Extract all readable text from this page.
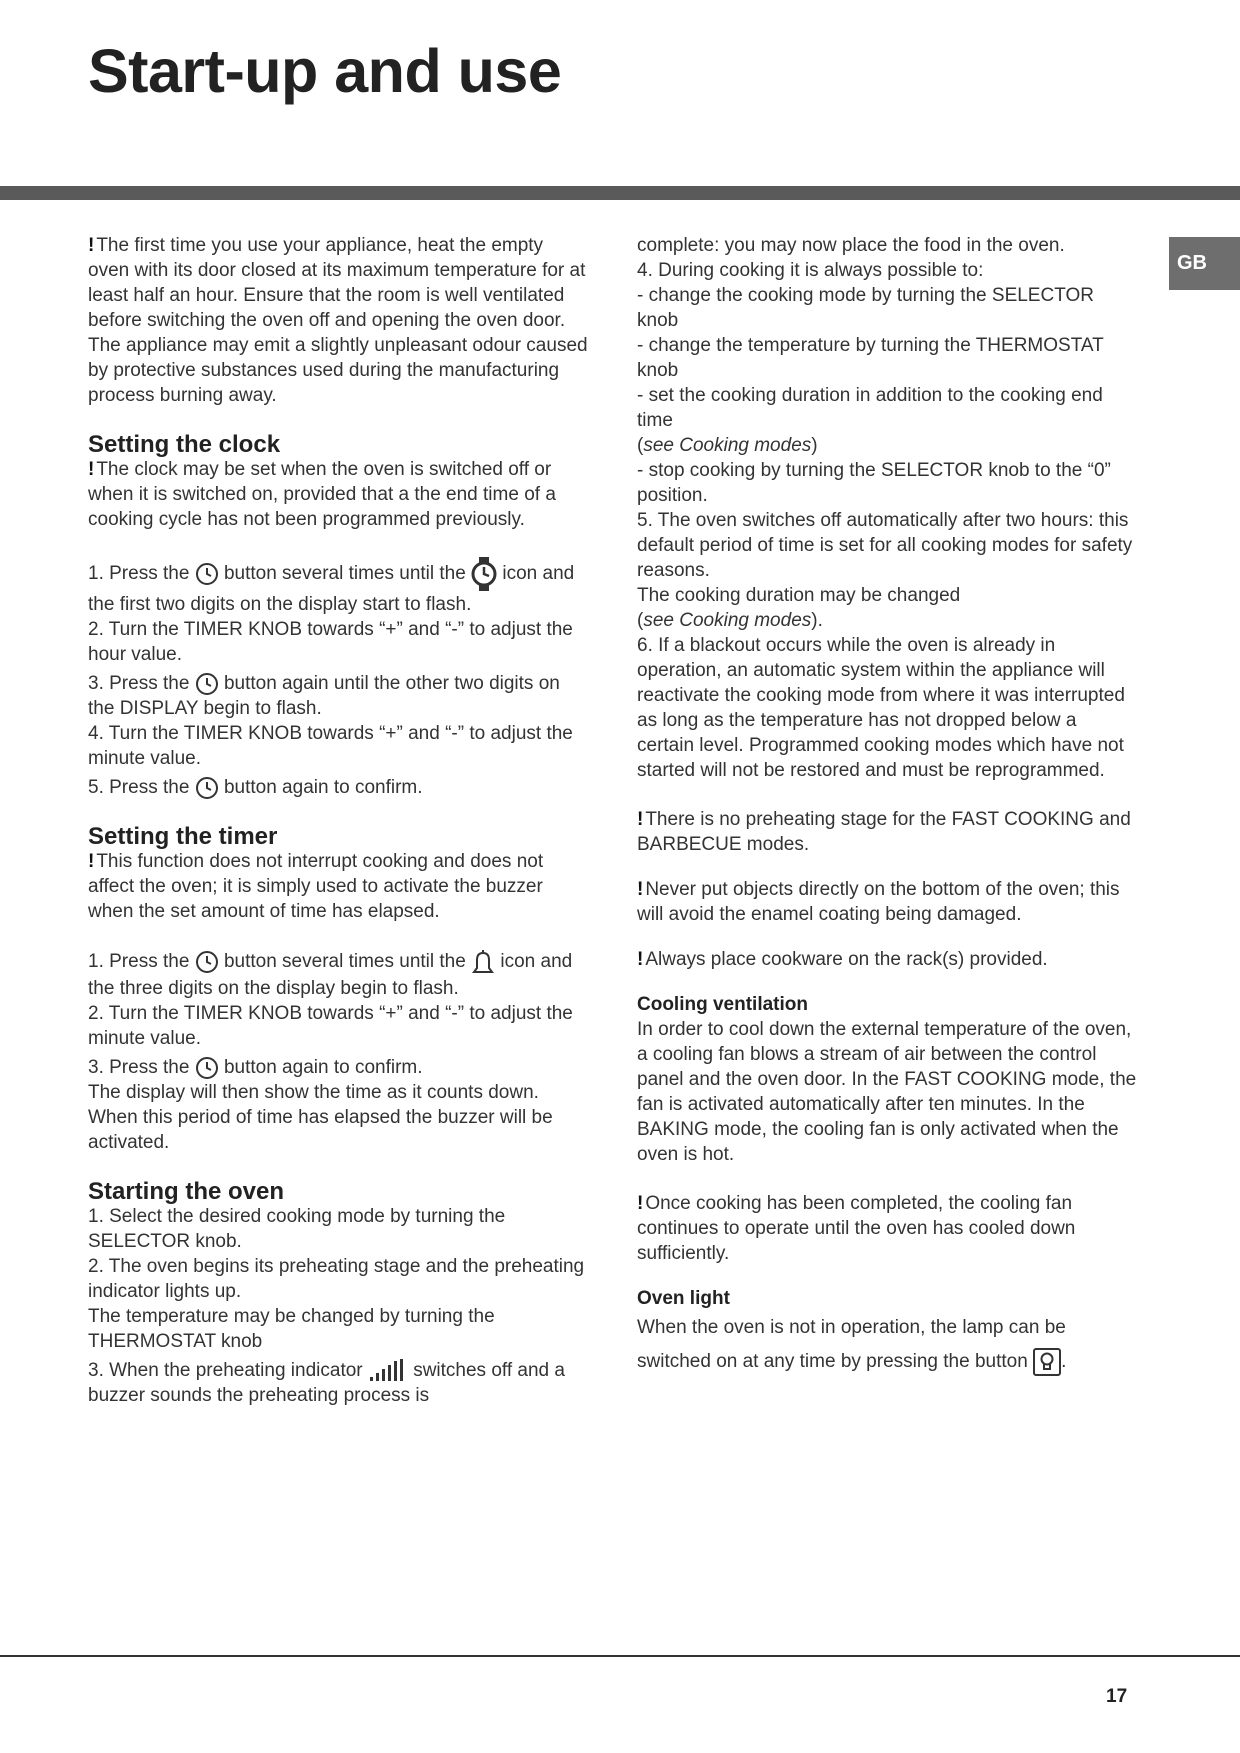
Start-up and use
GB

! The first time you use your appliance, heat the empty oven with its door closed at its maximum temperature for at least half an hour. Ensure that the room is well ventilated before switching the oven off and opening the oven door. The appliance may emit a slightly unpleasant odour caused by protective substances used during the manufacturing process burning away.

Setting the clock

! The clock may be set when the oven is switched off or when it is switched on, provided that a the end time of a cooking cycle has not been programmed previously.

1. Press the button several times until the icon and the first two digits on the display start to flash.

2. Turn the TIMER KNOB towards “+” and “-” to adjust the hour value.

3. Press the button again until the other two digits on the DISPLAY begin to flash.

4. Turn the TIMER KNOB towards “+” and “-” to adjust the minute value.

5. Press the button again to confirm.

Setting the timer

! This function does not interrupt cooking and does not affect the oven; it is simply used to activate the buzzer when the set amount of time has elapsed.

1. Press the button several times until the icon and the three digits on the display begin to flash.

2. Turn the TIMER KNOB towards “+” and “-” to adjust the minute value.

3. Press the button again to confirm.

The display will then show the time as it counts down. When this period of time has elapsed the buzzer will be activated.

Starting the oven

1. Select the desired cooking mode by turning the SELECTOR knob.

2. The oven begins its preheating stage and the preheating indicator lights up.

The temperature may be changed by turning the THERMOSTAT knob

3. When the preheating indicator	switches off and a buzzer sounds the preheating process is

complete: you may now place the food in the oven.

4. During cooking it is always possible to:

- change the cooking mode by turning the SELECTOR knob

- change the temperature by turning the THERMOSTAT knob

- set the cooking duration in addition to the cooking end time

(see Cooking modes)

- stop cooking by turning the SELECTOR knob to the “0” position.

5. The oven switches off automatically after two hours: this default period of time is set for all cooking modes for safety reasons.

The cooking duration may be changed

(see Cooking modes).

6. If a blackout occurs while the oven is already in operation, an automatic system within the appliance will reactivate the cooking mode from where it was interrupted as long as the temperature has not dropped below a certain level. Programmed cooking modes which have not started will not be restored and must be reprogrammed.

! There is no preheating stage for the FAST COOKING and BARBECUE modes.

! Never put objects directly on the bottom of the oven; this will avoid the enamel coating being damaged.

! Always place cookware on the rack(s) provided.

Cooling ventilation

In order to cool down the external temperature of the oven, a cooling fan blows a stream of air between the control panel and the oven door. In the FAST COOKING mode, the fan is activated automatically after ten minutes. In the BAKING mode, the cooling fan is only activated when the oven is hot.

! Once cooking has been completed, the cooling fan continues to operate until the oven has cooled down sufficiently.

Oven light

When the oven is not in operation, the lamp can be switched on at any time by pressing the button .

17
